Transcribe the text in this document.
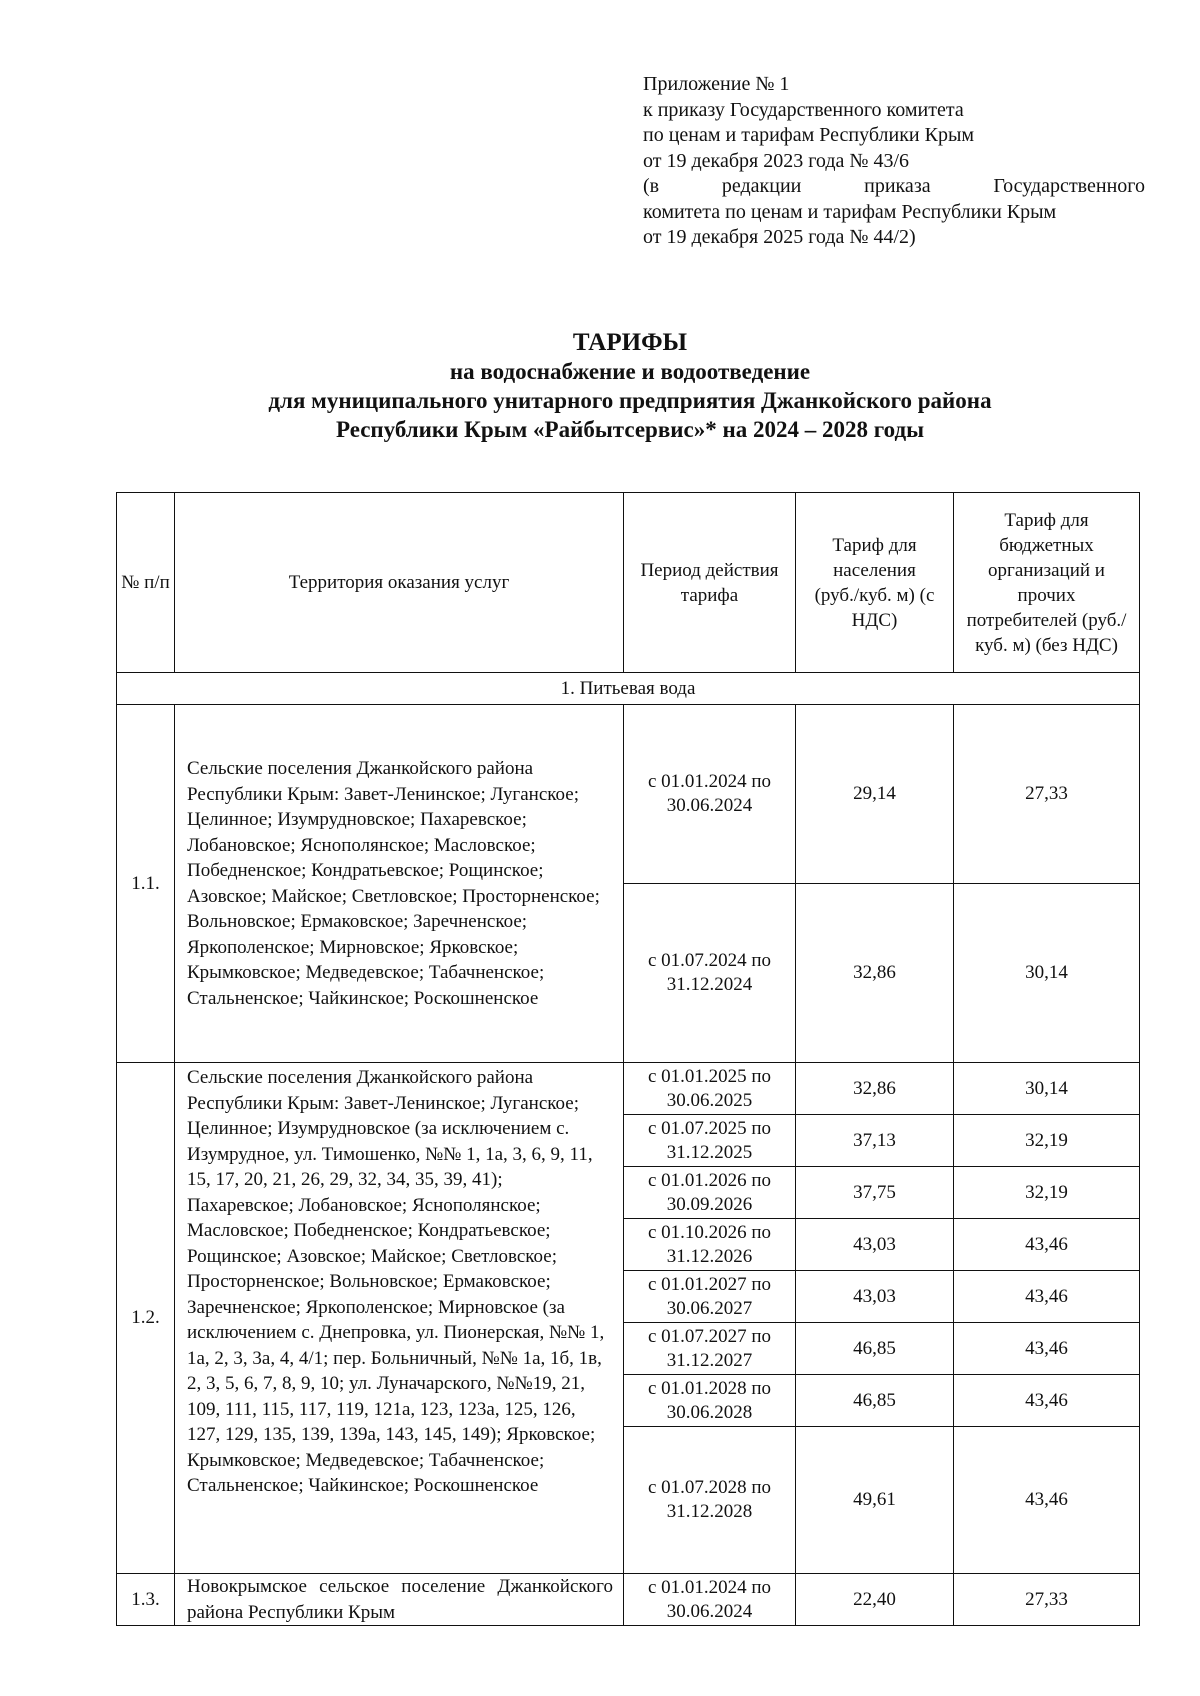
Приложение № 1
к приказу Государственного комитета
по ценам и тарифам Республики Крым
от 19 декабря 2023 года № 43/6
(в редакции приказа Государственного
комитета по ценам и тарифам Республики Крым
от 19 декабря 2025 года № 44/2)
ТАРИФЫ
на водоснабжение и водоотведение
для муниципального унитарного предприятия Джанкойского района
Республики Крым «Райбытсервис»* на 2024 – 2028 годы
№ п/п	Территория оказания услуг	Период действия тарифа	Тариф для населения (руб./куб. м) (с НДС)	Тариф для бюджетных организаций и прочих потребителей (руб./куб. м) (без НДС)
1. Питьевая вода				
1.1.	Сельские поселения Джанкойского района Республики Крым: Завет-Ленинское; Луганское; Целинное; Изумрудновское; Пахаревское; Лобановское; Яснополянское; Масловское; Победненское; Кондратьевское; Рощинское; Азовское; Майское; Светловское; Просторненское; Вольновское; Ермаковское; Заречненское; Яркополенское; Мирновское; Ярковское; Крымковское; Медведевское; Табачненское; Стальненское; Чайкинское; Роскошненское	с 01.01.2024 по 30.06.2024	29,14	27,33
		с 01.07.2024 по 31.12.2024	32,86	30,14
1.2.	Сельские поселения Джанкойского района Республики Крым: Завет-Ленинское; Луганское; Целинное; Изумрудновское (за исключением с. Изумрудное, ул. Тимошенко, №№ 1, 1а, 3, 6, 9, 11, 15, 17, 20, 21, 26, 29, 32, 34, 35, 39, 41); Пахаревское; Лобановское; Яснополянское; Масловское; Победненское; Кондратьевское; Рощинское; Азовское; Майское; Светловское; Просторненское; Вольновское; Ермаковское; Заречненское; Яркополенское; Мирновское (за исключением с. Днепровка, ул. Пионерская, №№ 1, 1а, 2, 3, 3а, 4, 4/1; пер. Больничный, №№ 1а, 1б, 1в, 2, 3, 5, 6, 7, 8, 9, 10; ул. Луначарского, №№19, 21, 109, 111, 115, 117, 119, 121а, 123, 123а, 125, 126, 127, 129, 135, 139, 139а, 143, 145, 149); Ярковское; Крымковское; Медведевское; Табачненское; Стальненское; Чайкинское; Роскошненское	с 01.01.2025 по 30.06.2025	32,86	30,14
		с 01.07.2025 по 31.12.2025	37,13	32,19
		с 01.01.2026 по 30.09.2026	37,75	32,19
		с 01.10.2026 по 31.12.2026	43,03	43,46
		с 01.01.2027 по 30.06.2027	43,03	43,46
		с 01.07.2027 по 31.12.2027	46,85	43,46
		с 01.01.2028 по 30.06.2028	46,85	43,46
		с 01.07.2028 по 31.12.2028	49,61	43,46
1.3.	Новокрымское сельское поселение Джанкойского района Республики Крым	с 01.01.2024 по 30.06.2024	22,40	27,33
